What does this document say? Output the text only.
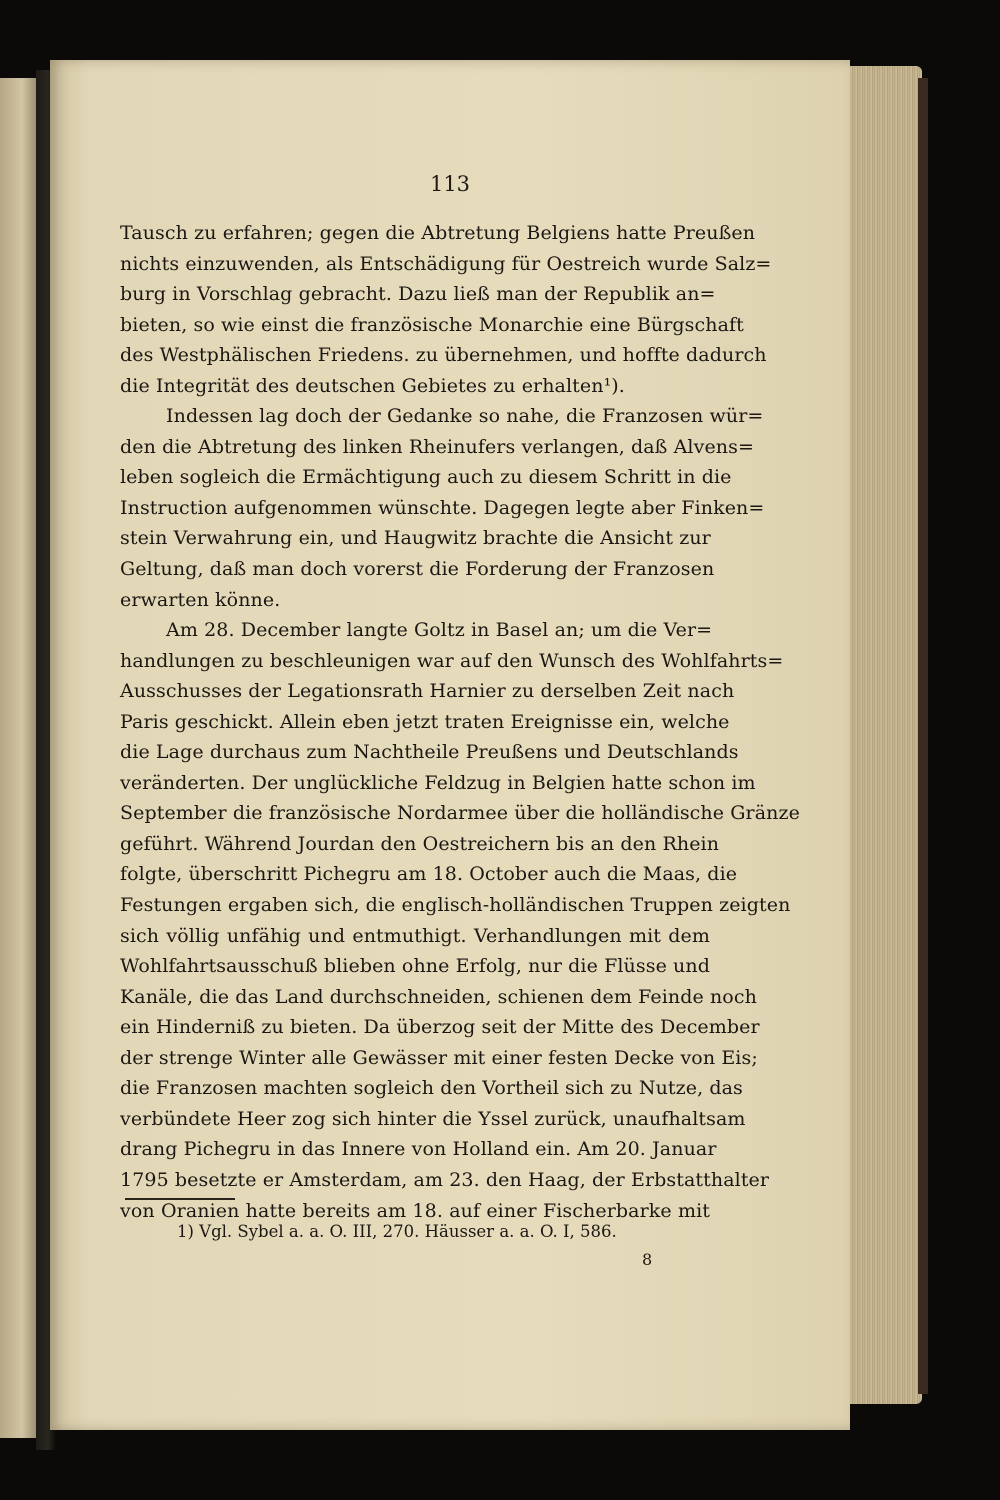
113
Tausch zu erfahren; gegen die Abtretung Belgiens hatte Preußen
nichts einzuwenden, als Entschädigung für Oestreich wurde Salz=
burg in Vorschlag gebracht. Dazu ließ man der Republik an=
bieten, so wie einst die französische Monarchie eine Bürgschaft
des Westphälischen Friedens. zu übernehmen, und hoffte dadurch
die Integrität des deutschen Gebietes zu erhalten¹).
Indessen lag doch der Gedanke so nahe, die Franzosen wür=
den die Abtretung des linken Rheinufers verlangen, daß Alvens=
leben sogleich die Ermächtigung auch zu diesem Schritt in die
Instruction aufgenommen wünschte. Dagegen legte aber Finken=
stein Verwahrung ein, und Haugwitz brachte die Ansicht zur
Geltung, daß man doch vorerst die Forderung der Franzosen
erwarten könne.
Am 28. December langte Goltz in Basel an; um die Ver=
handlungen zu beschleunigen war auf den Wunsch des Wohlfahrts=
Ausschusses der Legationsrath Harnier zu derselben Zeit nach
Paris geschickt. Allein eben jetzt traten Ereignisse ein, welche
die Lage durchaus zum Nachtheile Preußens und Deutschlands
veränderten. Der unglückliche Feldzug in Belgien hatte schon im
September die französische Nordarmee über die holländische Gränze
geführt. Während Jourdan den Oestreichern bis an den Rhein
folgte, überschritt Pichegru am 18. October auch die Maas, die
Festungen ergaben sich, die englisch-holländischen Truppen zeigten
sich völlig unfähig und entmuthigt. Verhandlungen mit dem
Wohlfahrtsausschuß blieben ohne Erfolg, nur die Flüsse und
Kanäle, die das Land durchschneiden, schienen dem Feinde noch
ein Hinderniß zu bieten. Da überzog seit der Mitte des December
der strenge Winter alle Gewässer mit einer festen Decke von Eis;
die Franzosen machten sogleich den Vortheil sich zu Nutze, das
verbündete Heer zog sich hinter die Yssel zurück, unaufhaltsam
drang Pichegru in das Innere von Holland ein. Am 20. Januar
1795 besetzte er Amsterdam, am 23. den Haag, der Erbstatthalter
von Oranien hatte bereits am 18. auf einer Fischerbarke mit
1) Vgl. Sybel a. a. O. III, 270. Häusser a. a. O. I, 586.
8
